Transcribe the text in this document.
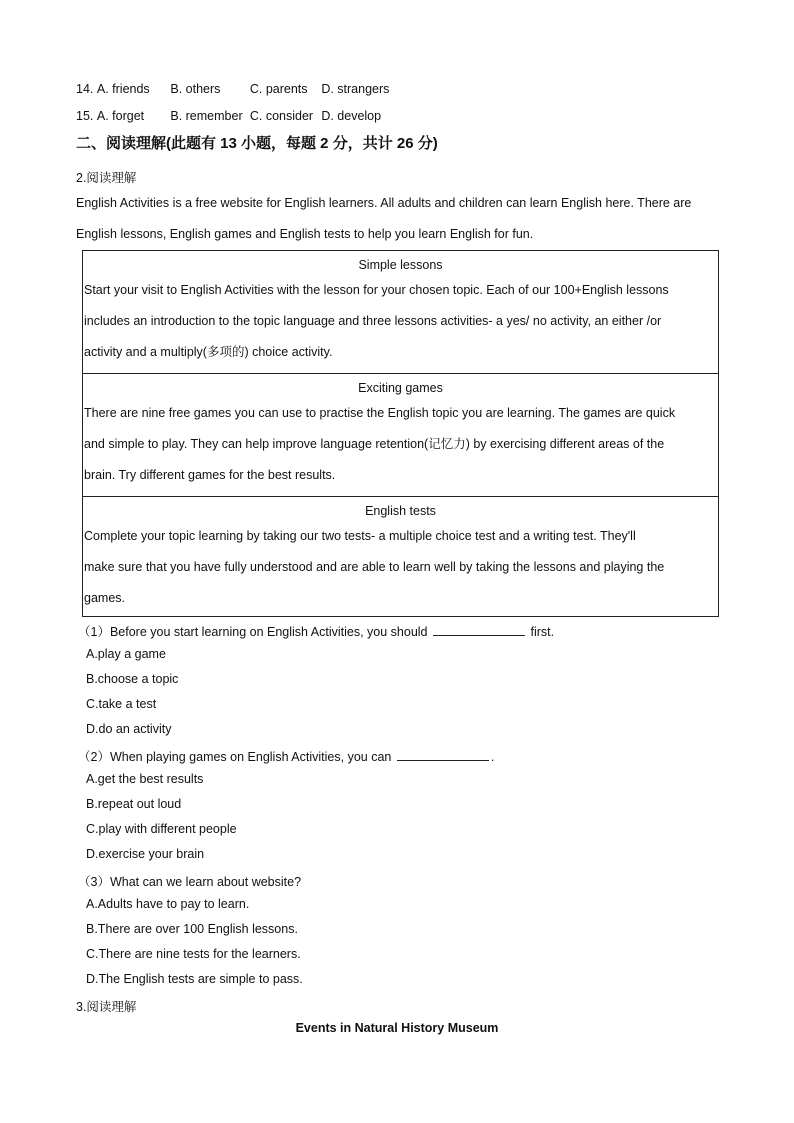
14. A. friends B. others C. parents D. strangers
15. A. forget B. remember C. consider D. develop
二、阅读理解(此题有 13 小题，每题 2 分，共计 26 分)
2.阅读理解
English Activities is a free website for English learners. All adults and children can learn English here. There are
English lessons, English games and English tests to help you learn English for fun.
Simple lessons
Start your visit to English Activities with the lesson for your chosen topic. Each of our 100+English lessons
includes an introduction to the topic language and three lessons activities- a yes/ no activity, an either /or
activity and a multiply(多项的) choice activity.
Exciting games
There are nine free games you can use to practise the English topic you are learning. The games are quick
and simple to play. They can help improve language retention(记忆力) by exercising different areas of the
brain. Try different games for the best results.
English tests
Complete your topic learning by taking our two tests- a multiple choice test and a writing test. They'll
make sure that you have fully understood and are able to learn well by taking the lessons and playing the
games.
（1）Before you start learning on English Activities, you should	first.
A.play a game
B.choose a topic
C.take a test
D.do an activity
（2）When playing games on English Activities, you can	.
A.get the best results
B.repeat out loud
C.play with different people
D.exercise your brain
（3）What can we learn about website?
A.Adults have to pay to learn.
B.There are over 100 English lessons.
C.There are nine tests for the learners.
D.The English tests are simple to pass.
3.阅读理解
Events in Natural History Museum
